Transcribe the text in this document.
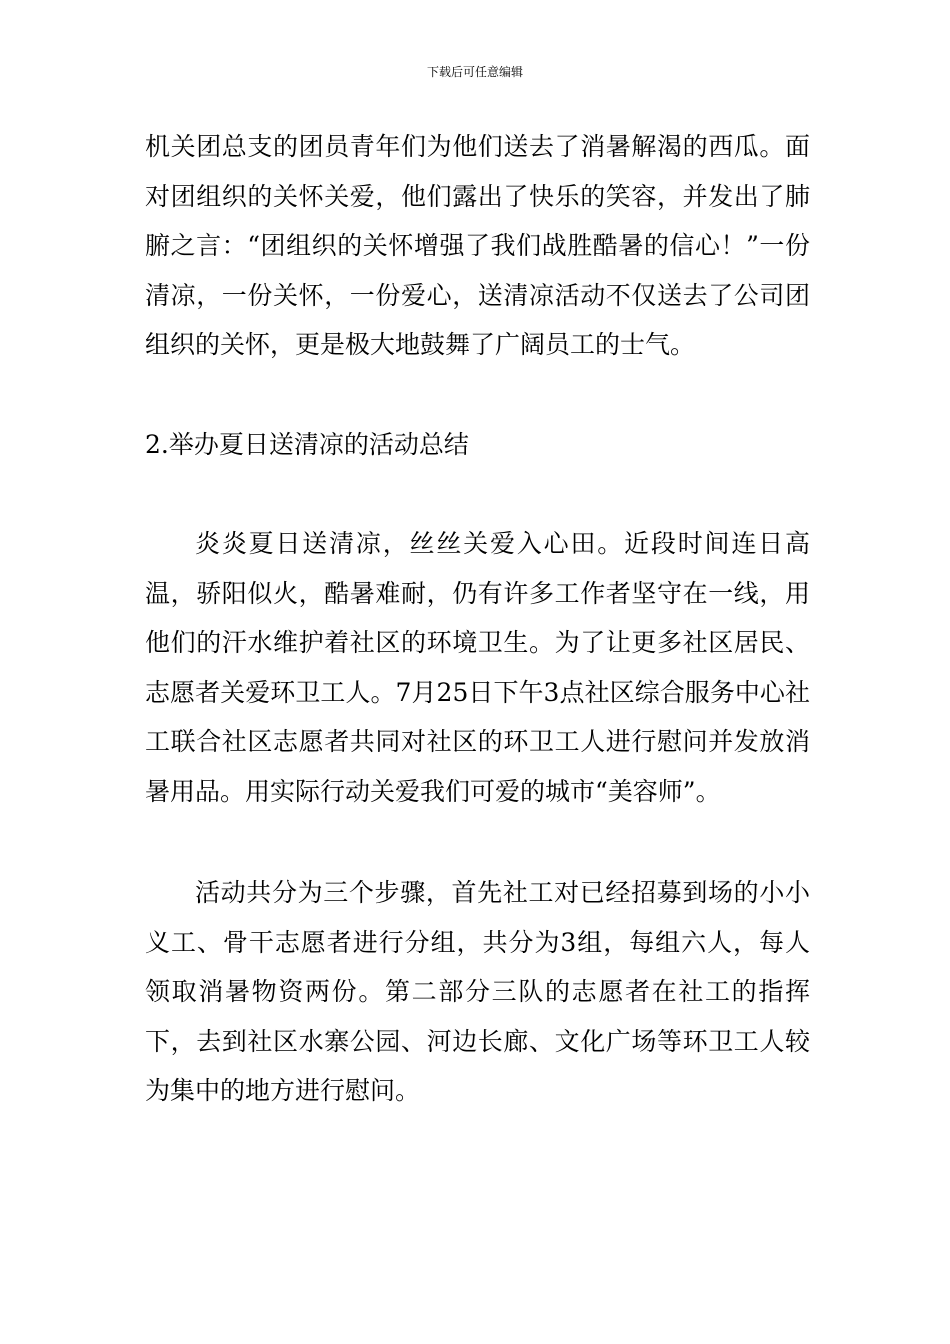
下载后可任意编辑

机关团总支的团员青年们为他们送去了消暑解渴的西瓜。面对团组织的关怀关爱，他们露出了快乐的笑容，并发出了肺腑之言：“团组织的关怀增强了我们战胜酷暑的信心！”一份清凉，一份关怀，一份爱心，送清凉活动不仅送去了公司团组织的关怀，更是极大地鼓舞了广阔员工的士气。

2.举办夏日送清凉的活动总结

炎炎夏日送清凉，丝丝关爱入心田。近段时间连日高温，骄阳似火，酷暑难耐，仍有许多工作者坚守在一线，用他们的汗水维护着社区的环境卫生。为了让更多社区居民、志愿者关爱环卫工人。7月25日下午3点社区综合服务中心社工联合社区志愿者共同对社区的环卫工人进行慰问并发放消暑用品。用实际行动关爱我们可爱的城市“美容师”。

活动共分为三个步骤，首先社工对已经招募到场的小小义工、骨干志愿者进行分组，共分为3组，每组六人，每人领取消暑物资两份。第二部分三队的志愿者在社工的指挥下，去到社区水寨公园、河边长廊、文化广场等环卫工人较为集中的地方进行慰问。
